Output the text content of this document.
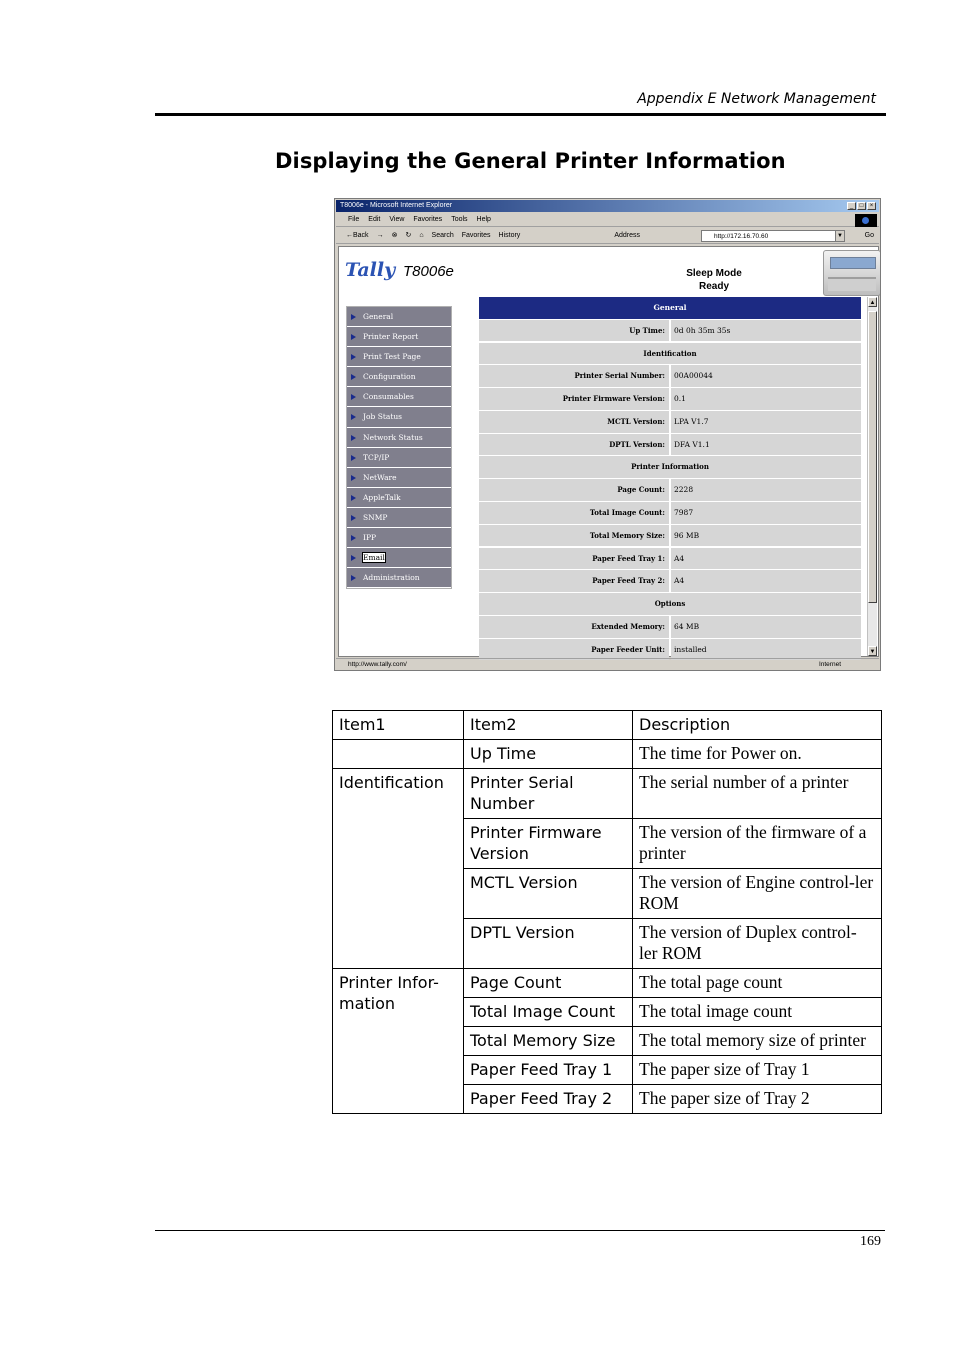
Appendix E Network Management
Displaying the General Printer Information
T8006e - Microsoft Internet Explorer	_	□	×
File Edit View Favorites Tools Help
←Back → ⊗ ↻ ⌂ Search Favorites History	Address	http://172.16.70.60	▼	Go
Tally T8006e	Sleep Mode
Ready
General
Printer Report
Print Test Page
Configuration
Consumables
Job Status
Network Status
TCP/IP
NetWare
AppleTalk
SNMP
IPP
Email
Administration
General
Up Time:	0d 0h 35m 35s
Identification
Printer Serial Number:	00A00044
Printer Firmware Version:	0.1
MCTL Version:	LPA V1.7
DPTL Version:	DFA V1.1
Printer Information
Page Count:	2228
Total Image Count:	7987
Total Memory Size:	96 MB
Paper Feed Tray 1:	A4
Paper Feed Tray 2:	A4
Options
Extended Memory:	64 MB
Paper Feeder Unit:	installed
▲
▼
http://www.tally.com/	Internet
Item1	Item2	Description
	Up Time	The time for Power on.
Identification	Printer Serial Number	The serial number of a printer
	Printer Firmware Version	The version of the firmware of a printer
	MCTL Version	The version of Engine control-ler ROM
	DPTL Version	The version of Duplex control-ler ROM
Printer Infor-mation	Page Count	The total page count
	Total Image Count	The total image count
	Total Memory Size	The total memory size of printer
	Paper Feed Tray 1	The paper size of Tray 1
	Paper Feed Tray 2	The paper size of Tray 2
169
